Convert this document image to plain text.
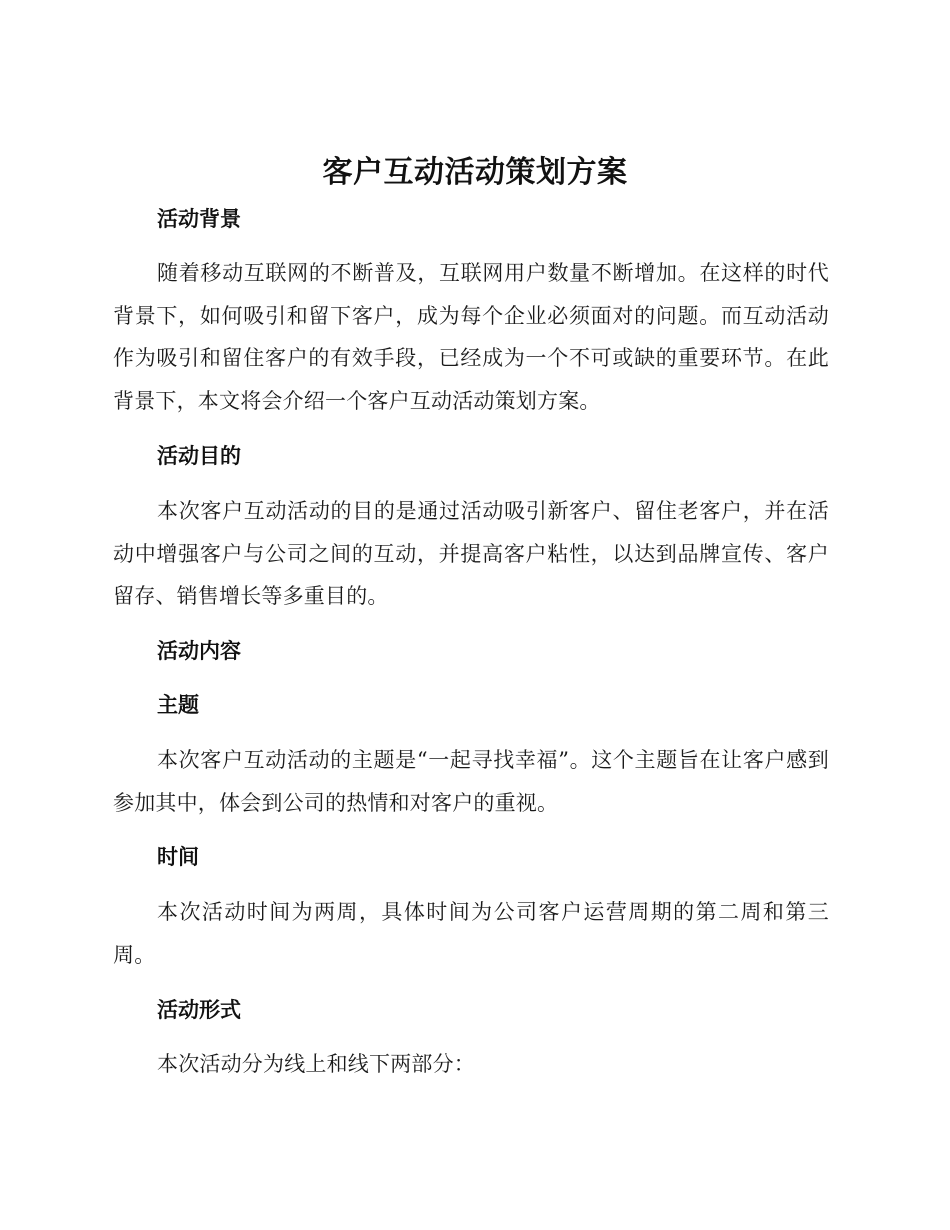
客户互动活动策划方案
活动背景

随着移动互联网的不断普及，互联网用户数量不断增加。在这样的时代背景下，如何吸引和留下客户，成为每个企业必须面对的问题。而互动活动作为吸引和留住客户的有效手段，已经成为一个不可或缺的重要环节。在此背景下，本文将会介绍一个客户互动活动策划方案。

活动目的

本次客户互动活动的目的是通过活动吸引新客户、留住老客户，并在活动中增强客户与公司之间的互动，并提高客户粘性，以达到品牌宣传、客户留存、销售增长等多重目的。

活动内容
主题

本次客户互动活动的主题是“一起寻找幸福”。这个主题旨在让客户感到参加其中，体会到公司的热情和对客户的重视。

时间

本次活动时间为两周，具体时间为公司客户运营周期的第二周和第三周。

活动形式

本次活动分为线上和线下两部分：
